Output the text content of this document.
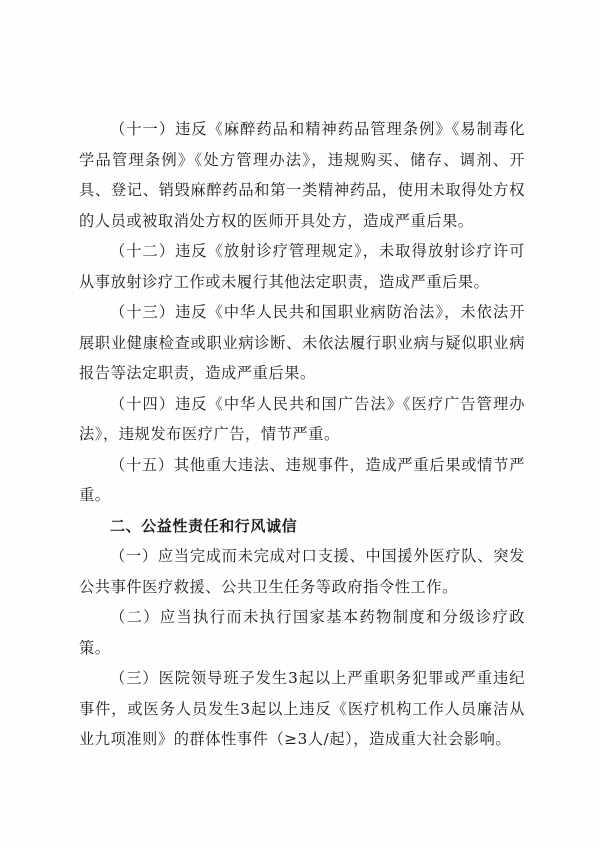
（十一）违反《麻醉药品和精神药品管理条例》《易制毒化学品管理条例》《处方管理办法》，违规购买、储存、调剂、开具、登记、销毁麻醉药品和第一类精神药品，使用未取得处方权的人员或被取消处方权的医师开具处方，造成严重后果。

（十二）违反《放射诊疗管理规定》，未取得放射诊疗许可从事放射诊疗工作或未履行其他法定职责，造成严重后果。

（十三）违反《中华人民共和国职业病防治法》，未依法开展职业健康检查或职业病诊断、未依法履行职业病与疑似职业病报告等法定职责，造成严重后果。

（十四）违反《中华人民共和国广告法》《医疗广告管理办法》，违规发布医疗广告，情节严重。

（十五）其他重大违法、违规事件，造成严重后果或情节严重。

二、公益性责任和行风诚信

（一）应当完成而未完成对口支援、中国援外医疗队、突发公共事件医疗救援、公共卫生任务等政府指令性工作。

（二）应当执行而未执行国家基本药物制度和分级诊疗政策。

（三）医院领导班子发生3起以上严重职务犯罪或严重违纪事件，或医务人员发生3起以上违反《医疗机构工作人员廉洁从业九项准则》的群体性事件（≥3人/起），造成重大社会影响。
